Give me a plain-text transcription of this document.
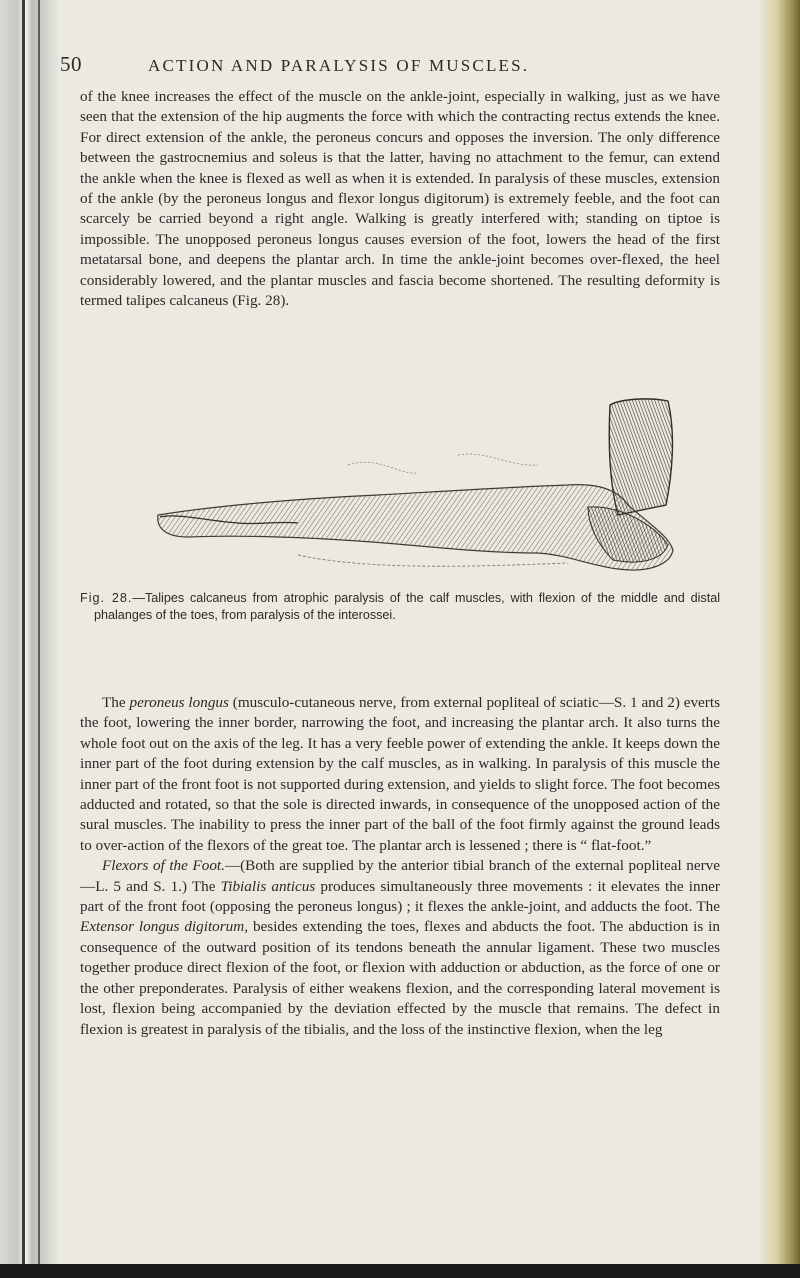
50	ACTION AND PARALYSIS OF MUSCLES.

of the knee increases the effect of the muscle on the ankle-joint, especially in walking, just as we have seen that the extension of the hip augments the force with which the contracting rectus extends the knee. For direct extension of the ankle, the peroneus concurs and opposes the inversion. The only difference between the gastrocnemius and soleus is that the latter, having no attachment to the femur, can extend the ankle when the knee is flexed as well as when it is extended. In paralysis of these muscles, extension of the ankle (by the peroneus longus and flexor longus digitorum) is extremely feeble, and the foot can scarcely be carried beyond a right angle. Walking is greatly interfered with; standing on tiptoe is impossible. The unopposed peroneus longus causes eversion of the foot, lowers the head of the first metatarsal bone, and deepens the plantar arch. In time the ankle-joint becomes over-flexed, the heel considerably lowered, and the plantar muscles and fascia become shortened. The resulting deformity is termed talipes calcaneus (Fig. 28).

Fig. 28.—Talipes calcaneus from atrophic paralysis of the calf muscles, with flexion of the middle and distal phalanges of the toes, from paralysis of the interossei.

The peroneus longus (musculo-cutaneous nerve, from external popliteal of sciatic—S. 1 and 2) everts the foot, lowering the inner border, narrowing the foot, and increasing the plantar arch. It also turns the whole foot out on the axis of the leg. It has a very feeble power of extending the ankle. It keeps down the inner part of the foot during extension by the calf muscles, as in walking. In paralysis of this muscle the inner part of the front foot is not supported during extension, and yields to slight force. The foot becomes adducted and rotated, so that the sole is directed inwards, in consequence of the unopposed action of the sural muscles. The inability to press the inner part of the ball of the foot firmly against the ground leads to over-action of the flexors of the great toe. The plantar arch is lessened ; there is “ flat-foot.”
Flexors of the Foot.—(Both are supplied by the anterior tibial branch of the external popliteal nerve—L. 5 and S. 1.) The Tibialis anticus produces simultaneously three movements : it elevates the inner part of the front foot (opposing the peroneus longus) ; it flexes the ankle-joint, and adducts the foot. The Extensor longus digitorum, besides extending the toes, flexes and abducts the foot. The abduction is in consequence of the outward position of its tendons beneath the annular ligament. These two muscles together produce direct flexion of the foot, or flexion with adduction or abduction, as the force of one or the other preponderates. Paralysis of either weakens flexion, and the corresponding lateral movement is lost, flexion being accompanied by the deviation effected by the muscle that remains. The defect in flexion is greatest in paralysis of the tibialis, and the loss of the instinctive flexion, when the leg
